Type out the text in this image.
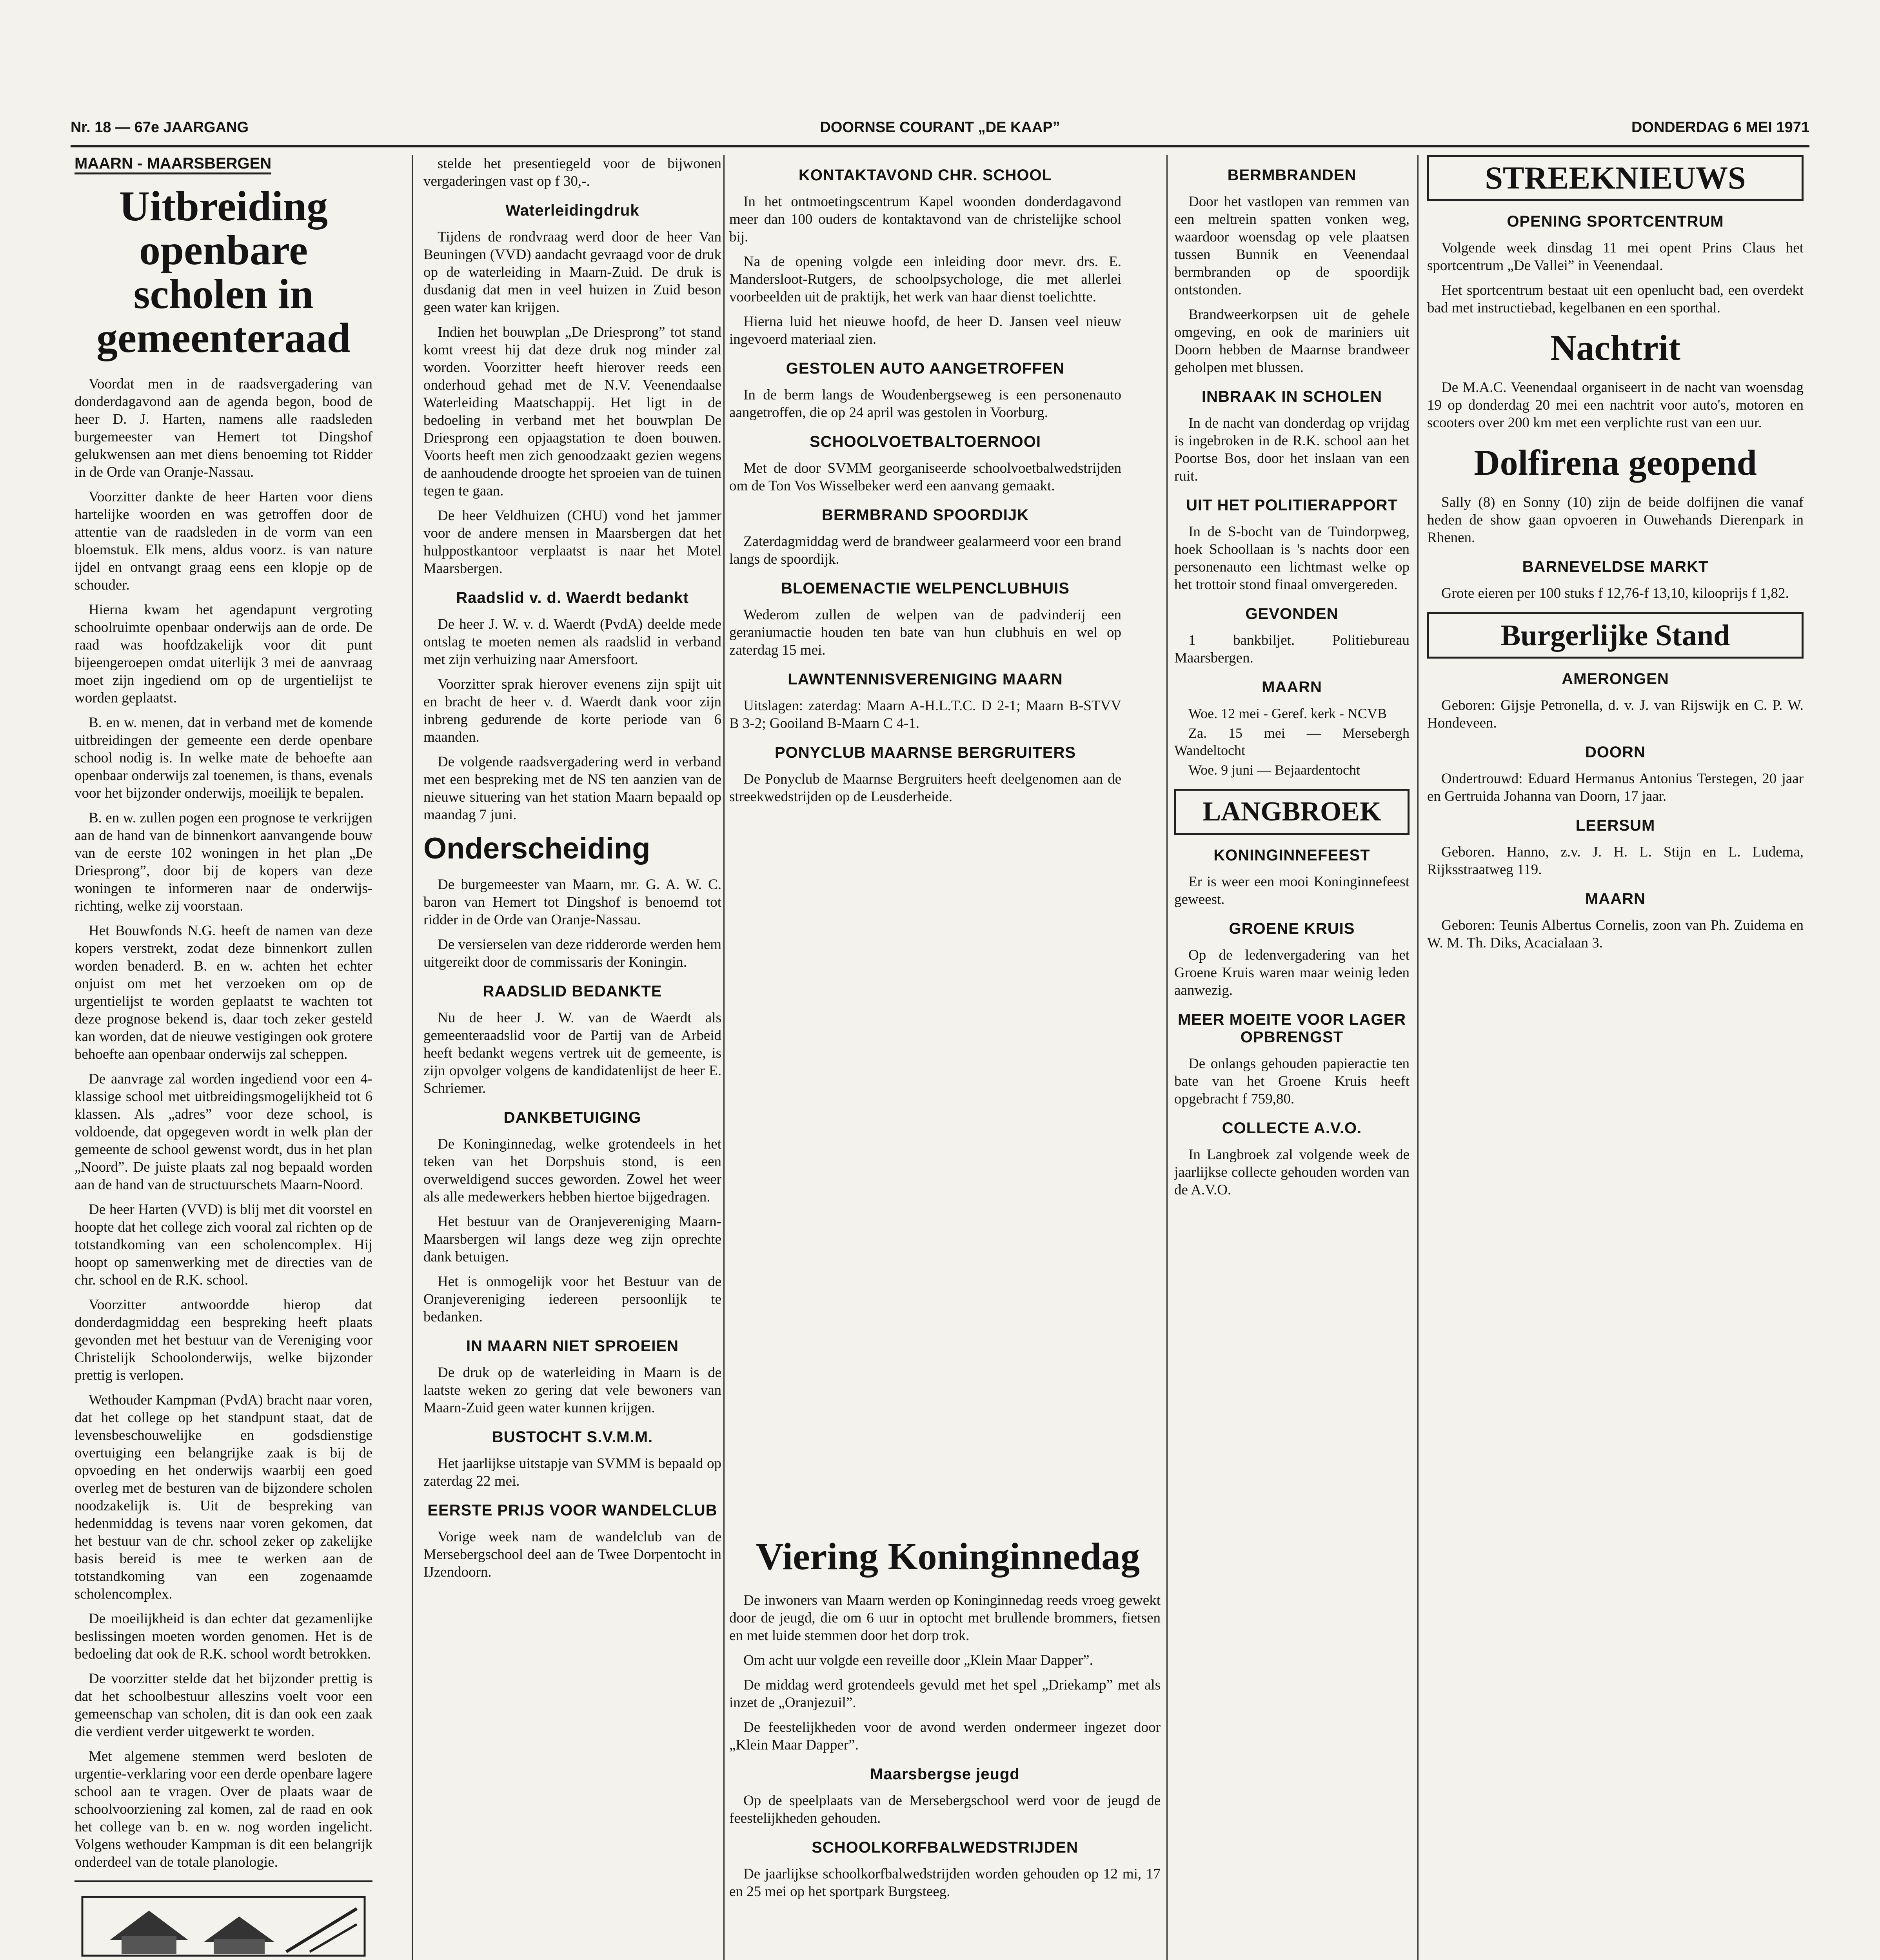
Nr. 18 — 67e JAARGANG	DOORNSE COURANT „DE KAAP”	DONDERDAG 6 MEI 1971
MAARN - MAARSBERGEN
Uitbreiding openbare scholen in gemeenteraad

Voordat men in de raadsvergadering van donderdagavond aan de agenda begon, bood de heer D. J. Harten, namens alle raadsleden burgemeester van Hemert tot Dingshof gelukwensen aan met diens benoeming tot Ridder in de Orde van Oranje-Nassau.

Voorzitter dankte de heer Harten voor diens hartelijke woorden en was getroffen door de attentie van de raadsleden in de vorm van een bloemstuk. Elk mens, aldus voorz. is van nature ijdel en ontvangt graag eens een klopje op de schouder.

Hierna kwam het agendapunt vergroting schoolruimte openbaar onderwijs aan de orde. De raad was hoofdzakelijk voor dit punt bijeengeroepen omdat uiterlijk 3 mei de aanvraag moet zijn ingediend om op de urgentielijst te worden geplaatst.

B. en w. menen, dat in verband met de komende uitbreidingen der gemeente een derde openbare school nodig is. In welke mate de behoefte aan openbaar onderwijs zal toenemen, is thans, evenals voor het bijzonder onderwijs, moeilijk te bepalen.

B. en w. zullen pogen een prognose te verkrijgen aan de hand van de binnenkort aanvangende bouw van de eerste 102 woningen in het plan „De Driesprong”, door bij de kopers van deze woningen te informeren naar de onderwijs-richting, welke zij voorstaan.

Het Bouwfonds N.G. heeft de namen van deze kopers verstrekt, zodat deze binnenkort zullen worden benaderd. B. en w. achten het echter onjuist om met het verzoeken om op de urgentielijst te worden geplaatst te wachten tot deze prognose bekend is, daar toch zeker gesteld kan worden, dat de nieuwe vestigingen ook grotere behoefte aan openbaar onderwijs zal scheppen.

De aanvrage zal worden ingediend voor een 4-klassige school met uitbreidingsmogelijkheid tot 6 klassen. Als „adres” voor deze school, is voldoende, dat opgegeven wordt in welk plan der gemeente de school gewenst wordt, dus in het plan „Noord”. De juiste plaats zal nog bepaald worden aan de hand van de structuurschets Maarn-Noord.

De heer Harten (VVD) is blij met dit voorstel en hoopte dat het college zich vooral zal richten op de totstandkoming van een scholencomplex. Hij hoopt op samenwerking met de directies van de chr. school en de R.K. school.

Voorzitter antwoordde hierop dat donderdagmiddag een bespreking heeft plaats gevonden met het bestuur van de Vereniging voor Christelijk Schoolonderwijs, welke bijzonder prettig is verlopen.

Wethouder Kampman (PvdA) bracht naar voren, dat het college op het standpunt staat, dat de levensbeschouwelijke en godsdienstige overtuiging een belangrijke zaak is bij de opvoeding en het onderwijs waarbij een goed overleg met de besturen van de bijzondere scholen noodzakelijk is. Uit de bespreking van hedenmiddag is tevens naar voren gekomen, dat het bestuur van de chr. school zeker op zakelijke basis bereid is mee te werken aan de totstandkoming van een zogenaamde scholencomplex.

De moeilijkheid is dan echter dat gezamenlijke beslissingen moeten worden genomen. Het is de bedoeling dat ook de R.K. school wordt betrokken.

De voorzitter stelde dat het bijzonder prettig is dat het schoolbestuur alleszins voelt voor een gemeenschap van scholen, dit is dan ook een zaak die verdient verder uitgewerkt te worden.

Met algemene stemmen werd besloten de urgentie-verklaring voor een derde openbare lagere school aan te vragen. Over de plaats waar de schoolvoorziening zal komen, zal de raad en ook het college van b. en w. nog worden ingelicht. Volgens wethouder Kampman is dit een belangrijk onderdeel van de totale planologie.

stelde het presentiegeld voor de bijwonen vergaderingen vast op f 30,-.

Waterleidingdruk

Tijdens de rondvraag werd door de heer Van Beuningen (VVD) aandacht gevraagd voor de druk op de waterleiding in Maarn-Zuid. De druk is dusdanig dat men in veel huizen in Zuid beson geen water kan krijgen.

Indien het bouwplan „De Driesprong” tot stand komt vreest hij dat deze druk nog minder zal worden. Voorzitter heeft hierover reeds een onderhoud gehad met de N.V. Veenendaalse Waterleiding Maatschappij. Het ligt in de bedoeling in verband met het bouwplan De Driesprong een opjaagstation te doen bouwen. Voorts heeft men zich genoodzaakt gezien wegens de aanhoudende droogte het sproeien van de tuinen tegen te gaan.

De heer Veldhuizen (CHU) vond het jammer voor de andere mensen in Maarsbergen dat het hulppostkantoor verplaatst is naar het Motel Maarsbergen.

Raadslid v. d. Waerdt bedankt

De heer J. W. v. d. Waerdt (PvdA) deelde mede ontslag te moeten nemen als raadslid in verband met zijn verhuizing naar Amersfoort.

Voorzitter sprak hierover evenens zijn spijt uit en bracht de heer v. d. Waerdt dank voor zijn inbreng gedurende de korte periode van 6 maanden.

De volgende raadsvergadering werd in verband met een bespreking met de NS ten aanzien van de nieuwe situering van het station Maarn bepaald op maandag 7 juni.

Onderscheiding

De burgemeester van Maarn, mr. G. A. W. C. baron van Hemert tot Dingshof is benoemd tot ridder in de Orde van Oranje-Nassau.

De versierselen van deze ridderorde werden hem uitgereikt door de commissaris der Koningin.

RAADSLID BEDANKTE

Nu de heer J. W. van de Waerdt als gemeenteraadslid voor de Partij van de Arbeid heeft bedankt wegens vertrek uit de gemeente, is zijn opvolger volgens de kandidatenlijst de heer E. Schriemer.

DANKBETUIGING

De Koninginnedag, welke grotendeels in het teken van het Dorpshuis stond, is een overweldigend succes geworden. Zowel het weer als alle medewerkers hebben hiertoe bijgedragen.

Het bestuur van de Oranjevereniging Maarn-Maarsbergen wil langs deze weg zijn oprechte dank betuigen.

Het is onmogelijk voor het Bestuur van de Oranjevereniging iedereen persoonlijk te bedanken.

IN MAARN NIET SPROEIEN

De druk op de waterleiding in Maarn is de laatste weken zo gering dat vele bewoners van Maarn-Zuid geen water kunnen krijgen.

BUSTOCHT S.V.M.M.

Het jaarlijkse uitstapje van SVMM is bepaald op zaterdag 22 mei.

EERSTE PRIJS VOOR WANDELCLUB

Vorige week nam de wandelclub van de Mersebergschool deel aan de Twee Dorpentocht in IJzendoorn.

KONTAKTAVOND CHR. SCHOOL

In het ontmoetingscentrum Kapel woonden donderdagavond meer dan 100 ouders de kontaktavond van de christelijke school bij.

Na de opening volgde een inleiding door mevr. drs. E. Mandersloot-Rutgers, de schoolpsychologe, die met allerlei voorbeelden uit de praktijk, het werk van haar dienst toelichtte.

Hierna luid het nieuwe hoofd, de heer D. Jansen veel nieuw ingevoerd materiaal zien.

GESTOLEN AUTO AANGETROFFEN

In de berm langs de Woudenbergseweg is een personenauto aangetroffen, die op 24 april was gestolen in Voorburg.

SCHOOLVOETBALTOERNOOI

Met de door SVMM georganiseerde schoolvoetbalwedstrijden om de Ton Vos Wisselbeker werd een aanvang gemaakt.

BERMBRAND SPOORDIJK

Zaterdagmiddag werd de brandweer gealarmeerd voor een brand langs de spoordijk.

BLOEMENACTIE WELPENCLUBHUIS

Wederom zullen de welpen van de padvinderij een geraniumactie houden ten bate van hun clubhuis en wel op zaterdag 15 mei.

LAWNTENNISVERENIGING MAARN

Uitslagen: zaterdag: Maarn A-H.L.T.C. D 2-1; Maarn B-STVV B 3-2; Gooiland B-Maarn C 4-1.

PONYCLUB MAARNSE BERGRUITERS

De Ponyclub de Maarnse Bergruiters heeft deelgenomen aan de streekwedstrijden op de Leusderheide.

Viering Koninginnedag

De inwoners van Maarn werden op Koninginnedag reeds vroeg gewekt door de jeugd, die om 6 uur in optocht met brullende brommers, fietsen en met luide stemmen door het dorp trok.

Om acht uur volgde een reveille door „Klein Maar Dapper”.

De middag werd grotendeels gevuld met het spel „Driekamp” met als inzet de „Oranjezuil”.

De feestelijkheden voor de avond werden ondermeer ingezet door „Klein Maar Dapper”.

Maarsbergse jeugd

Op de speelplaats van de Mersebergschool werd voor de jeugd de feestelijkheden gehouden.

SCHOOLKORFBALWEDSTRIJDEN

De jaarlijkse schoolkorfbalwedstrijden worden gehouden op 12 mi, 17 en 25 mei op het sportpark Burgsteeg.

BERMBRANDEN

Door het vastlopen van remmen van een meltrein spatten vonken weg, waardoor woensdag op vele plaatsen tussen Bunnik en Veenendaal bermbranden op de spoordijk ontstonden.

Brandweerkorpsen uit de gehele omgeving, en ook de mariniers uit Doorn hebben de Maarnse brandweer geholpen met blussen.

INBRAAK IN SCHOLEN

In de nacht van donderdag op vrijdag is ingebroken in de R.K. school aan het Poortse Bos, door het inslaan van een ruit.

UIT HET POLITIERAPPORT

In de S-bocht van de Tuindorpweg, hoek Schoollaan is 's nachts door een personenauto een lichtmast welke op het trottoir stond finaal omvergereden.

GEVONDEN

1 bankbiljet. Politiebureau Maarsbergen.

MAARN

Woe. 12 mei - Geref. kerk - NCVB

Za. 15 mei — Mersebergh Wandeltocht

Woe. 9 juni — Bejaardentocht

LANGBROEK
KONINGINNEFEEST

Er is weer een mooi Koninginnefeest geweest.

GROENE KRUIS

Op de ledenvergadering van het Groene Kruis waren maar weinig leden aanwezig.

MEER MOEITE VOOR LAGER OPBRENGST

De onlangs gehouden papieractie ten bate van het Groene Kruis heeft opgebracht f 759,80.

COLLECTE A.V.O.

In Langbroek zal volgende week de jaarlijkse collecte gehouden worden van de A.V.O.

STREEKNIEUWS
OPENING SPORTCENTRUM

Volgende week dinsdag 11 mei opent Prins Claus het sportcentrum „De Vallei” in Veenendaal.

Het sportcentrum bestaat uit een openlucht bad, een overdekt bad met instructiebad, kegelbanen en een sporthal.

Nachtrit

De M.A.C. Veenendaal organiseert in de nacht van woensdag 19 op donderdag 20 mei een nachtrit voor auto's, motoren en scooters over 200 km met een verplichte rust van een uur.

Dolfirena geopend

Sally (8) en Sonny (10) zijn de beide dolfijnen die vanaf heden de show gaan opvoeren in Ouwehands Dierenpark in Rhenen.

BARNEVELDSE MARKT

Grote eieren per 100 stuks f 12,76-f 13,10, kilooprijs f 1,82.

Burgerlijke Stand
AMERONGEN

Geboren: Gijsje Petronella, d. v. J. van Rijswijk en C. P. W. Hondeveen.

DOORN

Ondertrouwd: Eduard Hermanus Antonius Terstegen, 20 jaar en Gertruida Johanna van Doorn, 17 jaar.

LEERSUM

Geboren. Hanno, z.v. J. H. L. Stijn en L. Ludema, Rijksstraatweg 119.

MAARN

Geboren: Teunis Albertus Cornelis, zoon van Ph. Zuidema en W. M. Th. Diks, Acacialaan 3.
